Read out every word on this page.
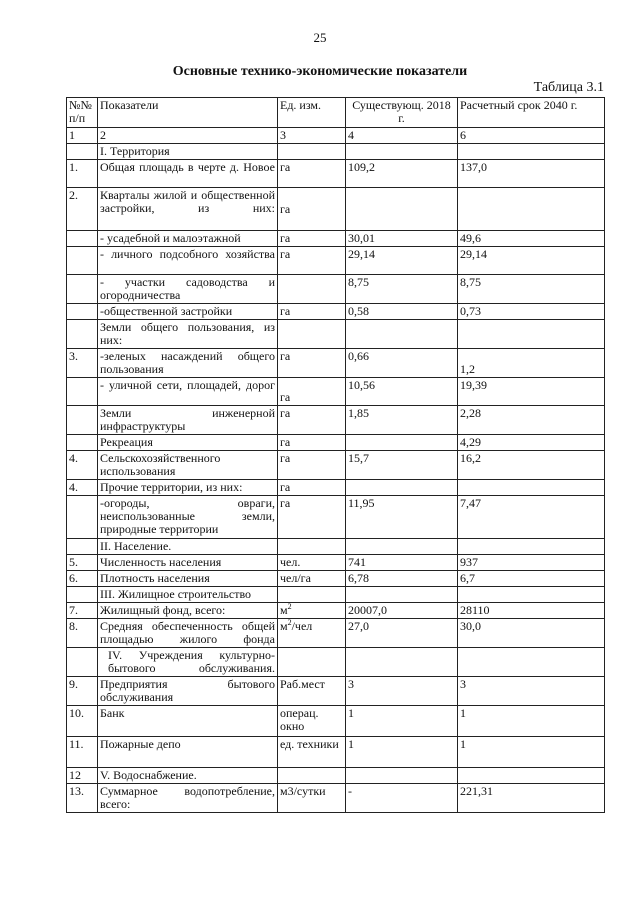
25
Основные технико-экономические показатели
Таблица 3.1
№№ п/п	Показатели	Ед. изм.	Существующ. 2018 г.	Расчетный срок 2040 г.
1	2	3	4	6
	I. Территория			
1.	Общая площадь в черте д. Новое	га	109,2	137,0
2.	Кварталы жилой и общественной застройки, из них:	га		
	- усадебной и малоэтажной	га	30,01	49,6
	- личного подсобного хозяйства	га	29,14	29,14
	- участки садоводства и огородничества		8,75	8,75
	-общественной застройки	га	0,58	0,73
	Земли общего пользования, из них:			
3.	-зеленых насаждений общего пользования	га	0,66	1,2
	- уличной сети, площадей, дорог	га	10,56	19,39
	Земли инженерной инфраструктуры	га	1,85	2,28
	Рекреация	га		4,29
4.	Сельскохозяйственного использования	га	15,7	16,2
4.	Прочие территории, из них:	га		
	-огороды, овраги, неиспользованные земли, природные территории	га	11,95	7,47
	II. Население.			
5.	Численность населения	чел.	741	937
6.	Плотность населения	чел/га	6,78	6,7
	III. Жилищное строительство			
7.	Жилищный фонд, всего:	$м^2$	20007,0	28110
8.	Средняя обеспеченность общей площадью жилого фонда	$м^2$/чел	27,0	30,0
	IV. Учреждения культурно-бытового обслуживания.			
9.	Предприятия бытового обслуживания	Раб.мест	3	3
10.	Банк	операц. окно	1	1
11.	Пожарные депо	ед. техники	1	1
12	V. Водоснабжение.			
13.	Суммарное водопотребление, всего:	м3/сутки	-	221,31
